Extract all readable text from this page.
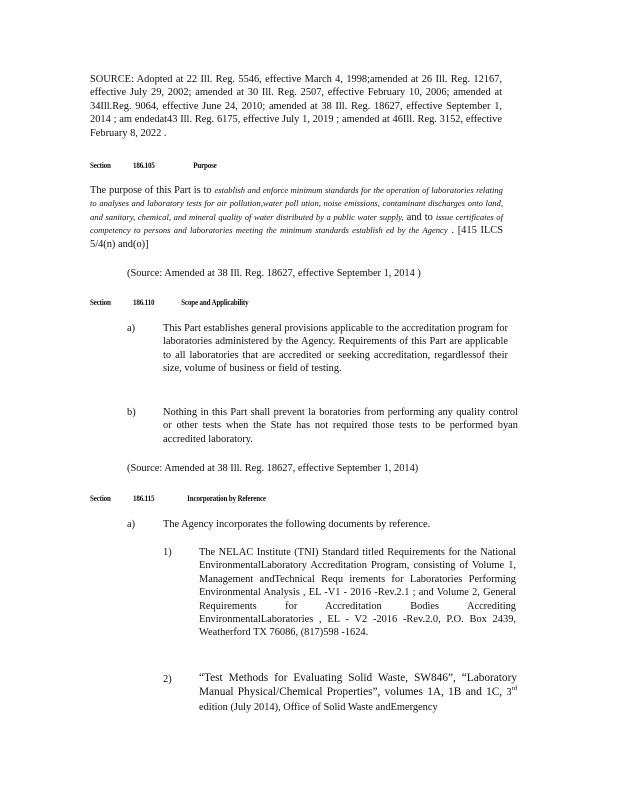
SOURCE: Adopted at 22 Ill. Reg. 5546, effective March 4, 1998;amended at 26 Ill. Reg. 12167, effective July 29, 2002; amended at 30 Ill. Reg. 2507, effective February 10, 2006; amended at 34Ill.Reg. 9064, effective June 24, 2010; amended at 38 Ill. Reg. 18627, effective September 1, 2014 ; am endedat43 Ill. Reg. 6175, effective July 1, 2019 ; amended at 46Ill. Reg. 3152, effective February 8, 2022 .
Section	186.105	Purpose
The purpose of this Part is to establish and enforce minimum standards for the operation of laboratories relating to analyses and laboratory tests for air pollution,water poll ution, noise emissions, contaminant discharges onto land, and sanitary, chemical, and mineral quality of water distributed by a public water supply, and to issue certificates of competency to persons and laboratories meeting the minimum standards establish ed by the Agency . [415 ILCS 5/4(n) and(o)]
(Source: Amended at 38 Ill. Reg. 18627, effective September 1, 2014 )
Section	186.110	Scope and Applicability
a)	This Part establishes general provisions applicable to the accreditation program for laboratories administered by the Agency. Requirements of this Part are applicable to all laboratories that are accredited or seeking accreditation, regardlessof their size, volume of business or field of testing.
b)	Nothing in this Part shall prevent la boratories from performing any quality control or other tests when the State has not required those tests to be performed byan accredited laboratory.
(Source: Amended at 38 Ill. Reg. 18627, effective September 1, 2014)
Section	186.115	Incorporation by Reference
a)	The Agency incorporates the following documents by reference.
1)	The NELAC Institute (TNI) Standard titled Requirements for the National EnvironmentalLaboratory Accreditation Program, consisting of Volume 1, Management andTechnical Requ irements for Laboratories Performing Environmental Analysis , EL -V1 - 2016 -Rev.2.1 ; and Volume 2, General Requirements for Accreditation Bodies Accrediting EnvironmentalLaboratories , EL - V2 -2016 -Rev.2.0, P.O. Box 2439, Weatherford TX 76086, (817)598 -1624.
2) “Test Methods for Evaluating Solid Waste, SW846”, “Laboratory Manual Physical/Chemical Properties”, volumes 1A, 1B and 1C, 3rd edition (July 2014), Office of Solid Waste andEmergency
